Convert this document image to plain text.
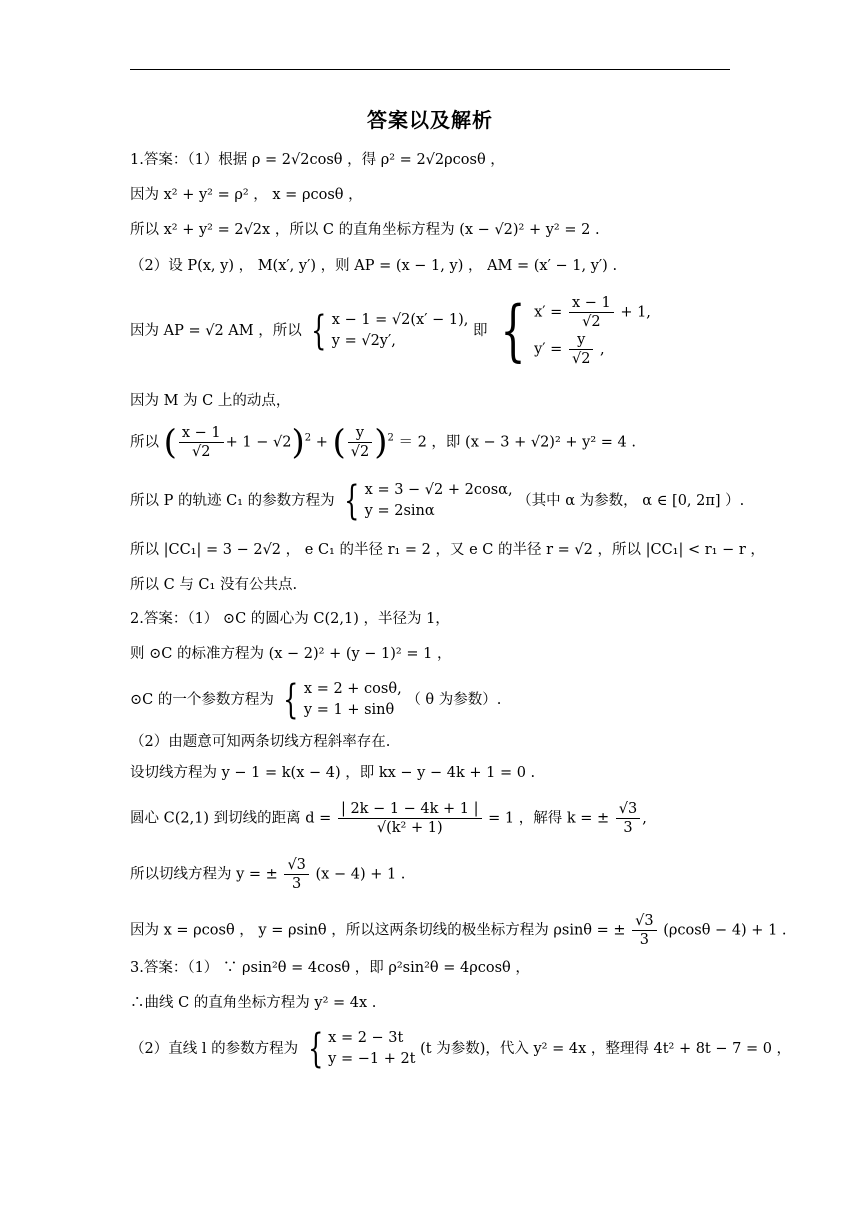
答案以及解析
1.答案：（1）根据 ρ = 2√2cosθ ，得 ρ² = 2√2ρcosθ ，
因为 x² + y² = ρ² ， x = ρcosθ ，
所以 x² + y² = 2√2x ，所以 C 的直角坐标方程为 (x − √2)² + y² = 2 .
（2）设 P(x, y) ， M(x′, y′) ，则 AP = (x − 1, y) ， AM = (x′ − 1, y′) .
因为 AP = √2 AM ，所以 { x − 1 = √2(x′ − 1),
y = √2y′,
即 { $x' = \frac{x - 1}{√2} + 1$,
$y' = \frac{y}{√2}$ ,
因为 M 为 C 上的动点，
所以 ( $\frac{x - 1}{√2} + 1 - √2)^2$ + ( $\frac{y}{√2} )^2 = 2$ ，即 (x − 3 + √2)² + y² = 4 .
所以 P 的轨迹 C₁ 的参数方程为 { x = 3 − √2 + 2cosα,
y = 2sinα
（其中 α 为参数， α ∈ [0, 2π] ）.
所以 |CC₁| = 3 − 2√2 ， e C₁ 的半径 r₁ = 2 ，又 e C 的半径 r = √2 ，所以 |CC₁| < r₁ − r ，
所以 C 与 C₁ 没有公共点.
2.答案：（1） ⊙C 的圆心为 C(2,1) ，半径为 1，
则 ⊙C 的标准方程为 (x − 2)² + (y − 1)² = 1 ，
⊙C 的一个参数方程为 { x = 2 + cosθ,
y = 1 + sinθ
（ θ 为参数）.
（2）由题意可知两条切线方程斜率存在.
设切线方程为 y − 1 = k(x − 4) ，即 kx − y − 4k + 1 = 0 .
圆心 C(2,1) 到切线的距离 $d = \frac{| 2k - 1 - 4k + 1 |}{\text{√(k² + 1)}} = 1$ ，解得 k = ± $\frac{√3}{3}$ ,
所以切线方程为 y = ± $\frac{√3}{3} (x - 4) + 1$ .
因为 x = ρcosθ ， y = ρsinθ ，所以这两条切线的极坐标方程为 ρsinθ = ± $\frac{√3}{3} (\rho\cos\theta - 4) + 1$ .
3.答案：（1） ∵ ρsin²θ = 4cosθ ，即 ρ²sin²θ = 4ρcosθ ，
∴曲线 C 的直角坐标方程为 y² = 4x .
（2）直线 l 的参数方程为 { x = 2 − 3t
y = −1 + 2t
(t 为参数)，代入 y² = 4x ，整理得 4t² + 8t − 7 = 0 ，
